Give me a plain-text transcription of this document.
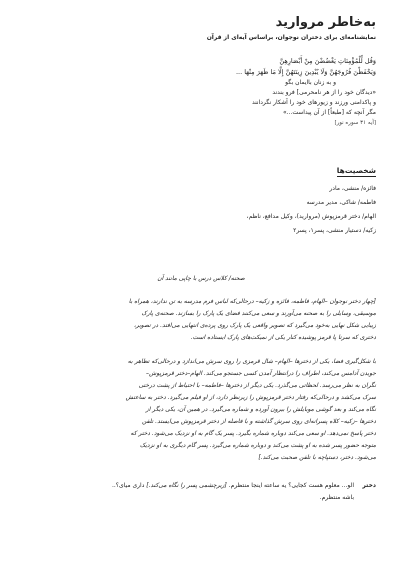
به‌خاطر مروارید

نمایشنامه‌ای برای دختران نوجوان، براساس آیه‌ای از قرآن

وَقُل لِّلْمُؤْمِنَاتِ يَغْضُضْنَ مِنْ أَبْصَارِهِنَّ
وَيَحْفَظْنَ فُرُوجَهُنَّ وَلَا يُبْدِينَ زِينَتَهُنَّ إِلَّا مَا ظَهَرَ مِنْهَا ...
و به زنان باایمان بگو
«دیدگان خود را از هر نامحرمی] فرو بندند
و پاکدامنی ورزند و زیورهای خود را آشکار نگردانند
مگر آنچه که [طبعاً] از آن پیداست...»
[آیه ۳۱ سوره نور]
شخصیت‌ها
فائزه/ منشی، مادر
فاطمه/ شاکی، مدیر مدرسه
الهام/ دختر قرمزپوش (مروارید)، وکیل مدافع، ناظم،
زکیه/ دستیار منشی، پسر۱، پسر۲
صحنه/ کلاس درس با چاپی مانند آن
[چهار دختر نوجوان –الهام، فاطمه، فائزه و زکیه– درحالی‌که لباس فرم مدرسه به تن ندارند، همراه با
موسیقی، وسایلی را به صحنه می‌آورند و سعی می‌کنند فضای یک پارک را بسازند. صحنه‌ی پارک
زیبایی شکل نهایی به‌خود می‌گیرد که تصویر واقعی یک پارک روی پرده‌ی انتهایی می‌افتد. در تصویر،
دختری که سرتا پا قرمز پوشیده کنار یکی از نمیکت‌های پارک ایستاده است.
با شکل‌گیری فضا، یکی از دخترها –الهام– شال قرمزی را روی سرش می‌اندازد و درحالی‌که تظاهر به
جویدن آدامس می‌کند، اطراف را درانتظار آمدن کسی جستجو می‌کند. الهام–دختر قرمزپوش–
نگران به نظر می‌رسد. لحظاتی می‌گذرد. یکی دیگر از دخترها –فاطمه– با احتیاط از پشت درختی
سرک می‌کشد و درحالی‌که رفتار دختر قرمزپوش را زیرنظر دارد، از او فیلم می‌گیرد. دختر به ساعتش
نگاه می‌کند و بعد گوشی موبایلش را بیرون آورده و شماره می‌گیرد. در همین آن، یکی دیگر از
دخترها –زکیه– کلاه پسرانه‌ای روی سرش گذاشته و با فاصله از دختر قرمزپوش می‌ایستد. تلفن
دختر پاسخ نمی‌دهد. او سعی می‌کند دوباره شماره بگیرد. پسر یک گام به او نزدیک می‌شود. دختر که
متوجه حضور پسر شده به او پشت می‌کند و دوباره شماره می‌گیرد. پسر گام دیگری به او نزدیک
می‌شود. دختر، دستپاچه با تلفن صحبت می‌کند.]
دختر
الو... معلوم هست کجایی؟ یه ساعته اینجا منتظرم. [زیرچشمی پسر را نگاه می‌کند.] داری میای؟..
باشه منتظرم.
